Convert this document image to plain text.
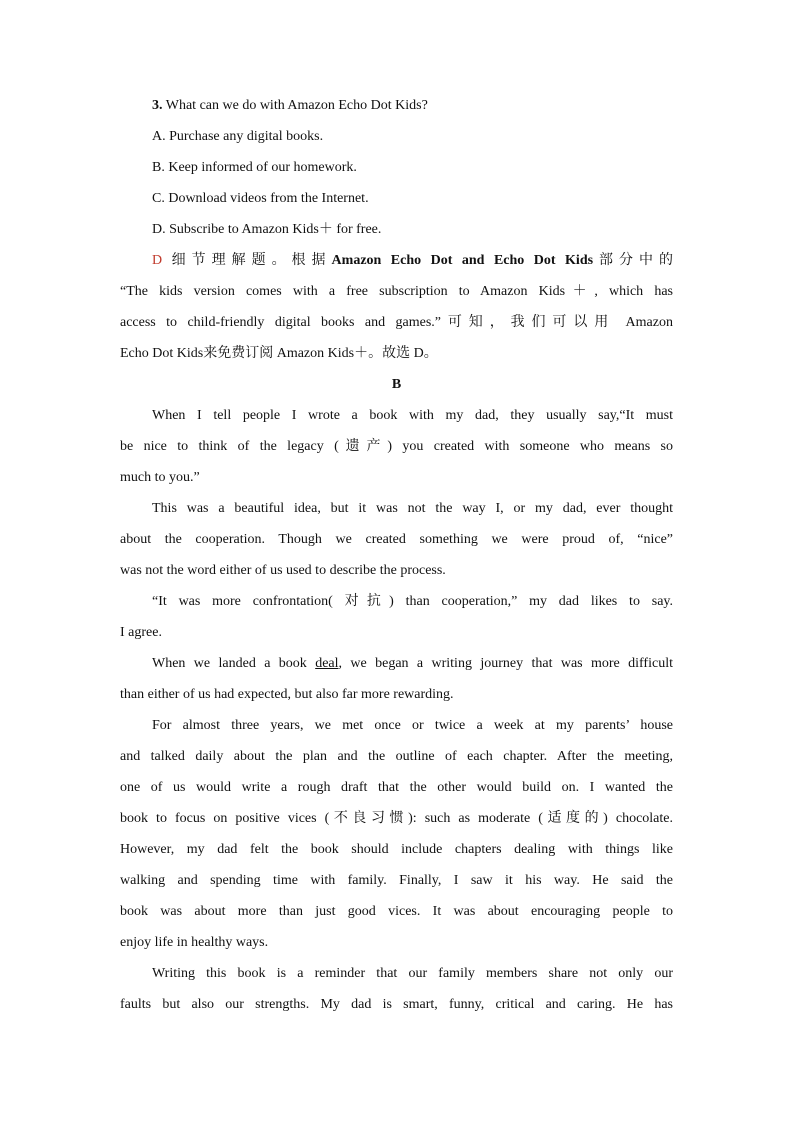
3. What can we do with Amazon Echo Dot Kids?
A. Purchase any digital books.
B. Keep informed of our homework.
C. Download videos from the Internet.
D. Subscribe to Amazon Kids＋ for free.
D 细节理解题。根据Amazon Echo Dot and Echo Dot Kids部分中的
“The kids version comes with a free subscription to Amazon Kids＋, which has
access to child-friendly digital books and games.”可知，我们可以用 Amazon
Echo Dot Kids来免费订阅 Amazon Kids＋。故选 D。
B
When I tell people I wrote a book with my dad, they usually say,“It must
be nice to think of the legacy (遗产) you created with someone who means so
much to you.”
This was a beautiful idea, but it was not the way I, or my dad, ever thought
about the cooperation. Though we created something we were proud of, “nice”
was not the word either of us used to describe the process.
“It was more confrontation( 对抗) than cooperation,” my dad likes to say.
I agree.
When we landed a book deal, we began a writing journey that was more difficult
than either of us had expected, but also far more rewarding.
For almost three years, we met once or twice a week at my parents’ house
and talked daily about the plan and the outline of each chapter. After the meeting,
one of us would write a rough draft that the other would build on. I wanted the
book to focus on positive vices (不良习惯): such as moderate (适度的) chocolate.
However, my dad felt the book should include chapters dealing with things like
walking and spending time with family. Finally, I saw it his way. He said the
book was about more than just good vices. It was about encouraging people to
enjoy life in healthy ways.
Writing this book is a reminder that our family members share not only our
faults but also our strengths. My dad is smart, funny, critical and caring. He has
